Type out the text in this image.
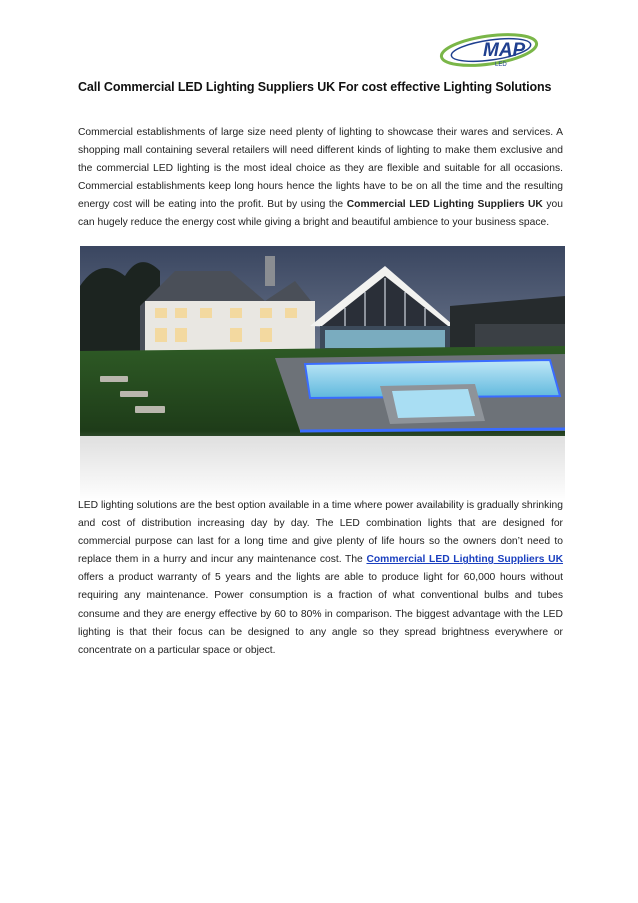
MAP
LED
Call Commercial LED Lighting Suppliers UK For cost effective Lighting Solutions
Commercial establishments of large size need plenty of lighting to showcase their wares and services. A shopping mall containing several retailers will need different kinds of lighting to make them exclusive and the commercial LED lighting is the most ideal choice as they are flexible and suitable for all occasions. Commercial establishments keep long hours hence the lights have to be on all the time and the resulting energy cost will be eating into the profit. But by using the Commercial LED Lighting Suppliers UK you can hugely reduce the energy cost while giving a bright and beautiful ambience to your business space.
LED lighting solutions are the best option available in a time where power availability is gradually shrinking and cost of distribution increasing day by day. The LED combination lights that are designed for commercial purpose can last for a long time and give plenty of life hours so the owners don’t need to replace them in a hurry and incur any maintenance cost. The Commercial LED Lighting Suppliers UK offers a product warranty of 5 years and the lights are able to produce light for 60,000 hours without requiring any maintenance. Power consumption is a fraction of what conventional bulbs and tubes consume and they are energy effective by 60 to 80% in comparison. The biggest advantage with the LED lighting is that their focus can be designed to any angle so they spread brightness everywhere or concentrate on a particular space or object.
